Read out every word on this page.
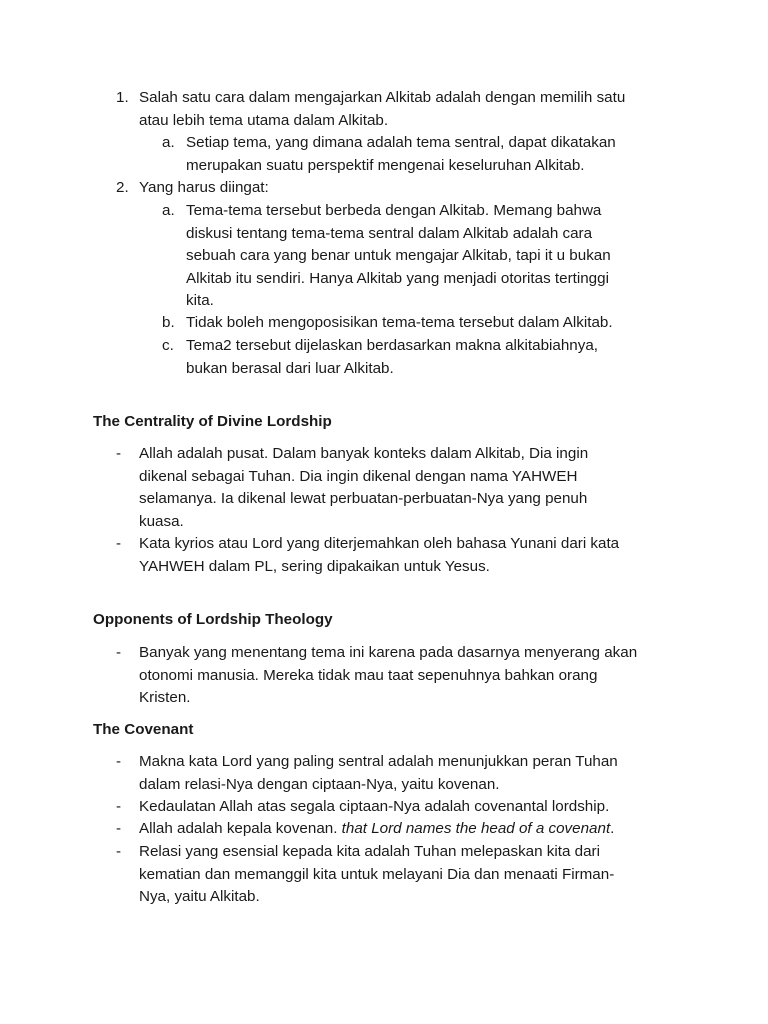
1. Salah satu cara dalam mengajarkan Alkitab adalah dengan memilih satu
atau lebih tema utama dalam Alkitab.
a. Setiap tema, yang dimana adalah tema sentral, dapat dikatakan
merupakan suatu perspektif mengenai keseluruhan Alkitab.
2. Yang harus diingat:
a. Tema-tema tersebut berbeda dengan Alkitab. Memang bahwa
diskusi tentang tema-tema sentral dalam Alkitab adalah cara
sebuah cara yang benar untuk mengajar Alkitab, tapi it u bukan
Alkitab itu sendiri. Hanya Alkitab yang menjadi otoritas tertinggi
kita.
b. Tidak boleh mengoposisikan tema-tema tersebut dalam Alkitab.
c. Tema2 tersebut dijelaskan berdasarkan makna alkitabiahnya,
bukan berasal dari luar Alkitab.
The Centrality of Divine Lordship
- Allah adalah pusat. Dalam banyak konteks dalam Alkitab, Dia ingin
dikenal sebagai Tuhan. Dia ingin dikenal dengan nama YAHWEH
selamanya. Ia dikenal lewat perbuatan-perbuatan-Nya yang penuh
kuasa.
- Kata kyrios atau Lord yang diterjemahkan oleh bahasa Yunani dari kata
YAHWEH dalam PL, sering dipakaikan untuk Yesus.
Opponents of Lordship Theology
- Banyak yang menentang tema ini karena pada dasarnya menyerang akan
otonomi manusia. Mereka tidak mau taat sepenuhnya bahkan orang
Kristen.
The Covenant
- Makna kata Lord yang paling sentral adalah menunjukkan peran Tuhan
dalam relasi-Nya dengan ciptaan-Nya, yaitu kovenan.
- Kedaulatan Allah atas segala ciptaan-Nya adalah covenantal lordship.
- Allah adalah kepala kovenan. that Lord names the head of a covenant.
- Relasi yang esensial kepada kita adalah Tuhan melepaskan kita dari
kematian dan memanggil kita untuk melayani Dia dan menaati Firman-
Nya, yaitu Alkitab.
